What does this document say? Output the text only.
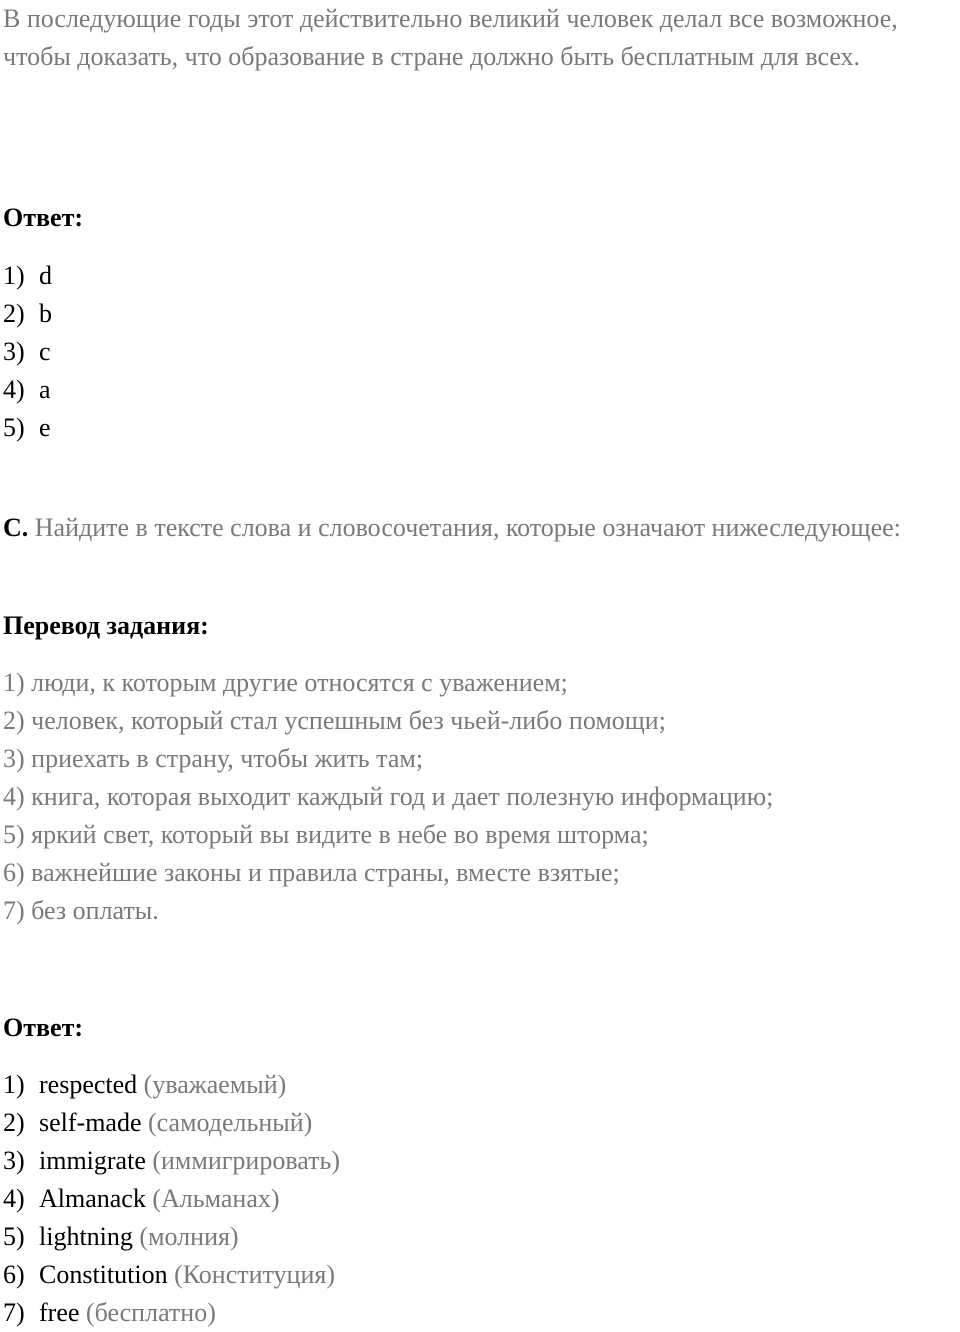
В последующие годы этот действительно великий человек делал все возможное, чтобы доказать, что образование в стране должно быть бесплатным для всех.

Ответ:

1) d
2) b
3) c
4) a
5) e

C. Найдите в тексте слова и словосочетания, которые означают нижеследующее:

Перевод задания:

1) люди, к которым другие относятся с уважением;
2) человек, который стал успешным без чьей-либо помощи;
3) приехать в страну, чтобы жить там;
4) книга, которая выходит каждый год и дает полезную информацию;
5) яркий свет, который вы видите в небе во время шторма;
6) важнейшие законы и правила страны, вместе взятые;
7) без оплаты.

Ответ:

1) respected (уважаемый)
2) self-made (самодельный)
3) immigrate (иммигрировать)
4) Almanack (Альманах)
5) lightning (молния)
6) Constitution (Конституция)
7) free (бесплатно)
